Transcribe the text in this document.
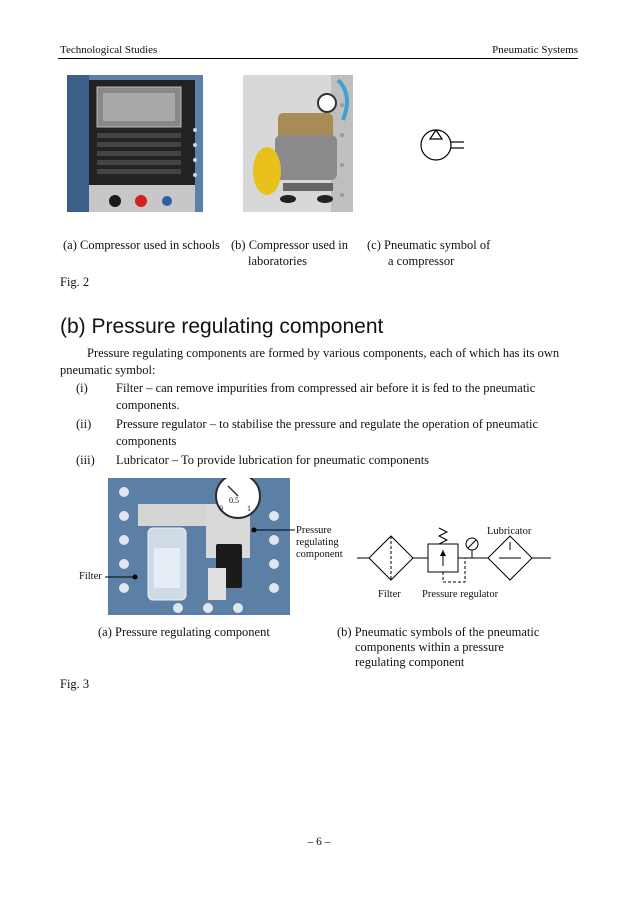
Technological Studies	Pneumatic Systems
(a) Compressor used in schools (b) Compressor used in
laboratories
(c) Pneumatic symbol of
a compressor
Fig. 2
(b) Pressure regulating component
Pressure regulating components are formed by various components, each of which has its own
pneumatic symbol:
(i) Filter – can remove impurities from compressed air before it is fed to the pneumatic
components.
(ii) Pressure regulator – to stabilise the pressure and regulate the operation of pneumatic
components
(iii) Lubricator – To provide lubrication for pneumatic components
0.5
0	1
Pressure
regulating
component
Filter
Lubricator
Filter Pressure regulator
(a) Pressure regulating component	(b) Pneumatic symbols of the pneumatic
components within a pressure
regulating component
Fig. 3
– 6 –
